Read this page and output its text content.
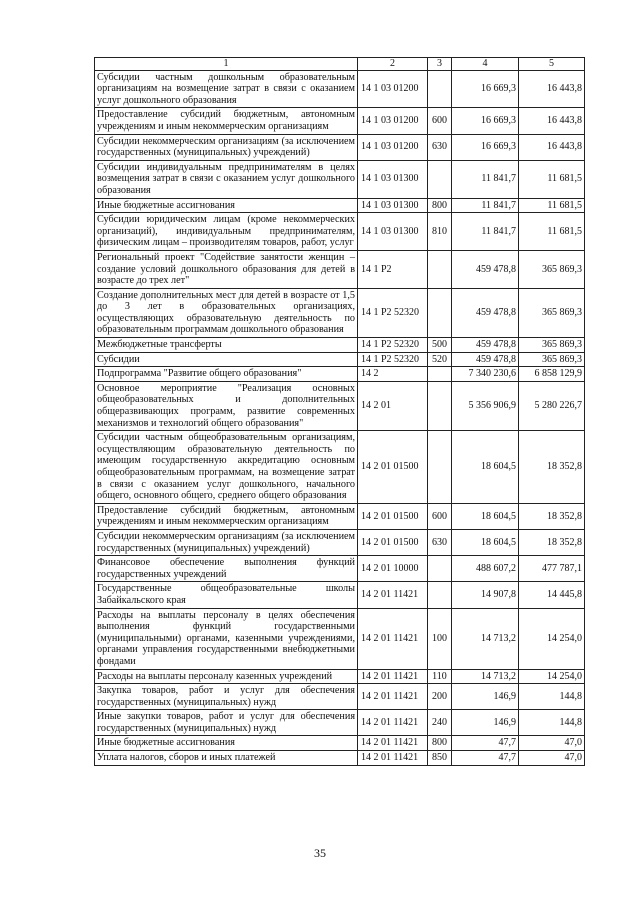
1	2	3	4	5
Субсидии частным дошкольным образовательным организациям на возмещение затрат в связи с оказанием услуг дошкольного образования	14 1 03 01200		16 669,3	16 443,8
Предоставление субсидий бюджетным, автономным учреждениям и иным некоммерческим организациям	14 1 03 01200	600	16 669,3	16 443,8
Субсидии некоммерческим организациям (за исключением государственных (муниципальных) учреждений)	14 1 03 01200	630	16 669,3	16 443,8
Субсидии индивидуальным предпринимателям в целях возмещения затрат в связи с оказанием услуг дошкольного образования	14 1 03 01300		11 841,7	11 681,5
Иные бюджетные ассигнования	14 1 03 01300	800	11 841,7	11 681,5
Субсидии юридическим лицам (кроме некоммерческих организаций), индивидуальным предпринимателям, физическим лицам – производителям товаров, работ, услуг	14 1 03 01300	810	11 841,7	11 681,5
Региональный проект "Содействие занятости женщин – создание условий дошкольного образования для детей в возрасте до трех лет"	14 1 P2		459 478,8	365 869,3
Создание дополнительных мест для детей в возрасте от 1,5 до 3 лет в образовательных организациях, осуществляющих образовательную деятельность по образовательным программам дошкольного образования	14 1 P2 52320		459 478,8	365 869,3
Межбюджетные трансферты	14 1 P2 52320	500	459 478,8	365 869,3
Субсидии	14 1 P2 52320	520	459 478,8	365 869,3
Подпрограмма "Развитие общего образования"	14 2		7 340 230,6	6 858 129,9
Основное мероприятие "Реализация основных общеобразовательных и дополнительных общеразвивающих программ, развитие современных механизмов и технологий общего образования"	14 2 01		5 356 906,9	5 280 226,7
Субсидии частным общеобразовательным организациям, осуществляющим образовательную деятельность по имеющим государственную аккредитацию основным общеобразовательным программам, на возмещение затрат в связи с оказанием услуг дошкольного, начального общего, основного общего, среднего общего образования	14 2 01 01500		18 604,5	18 352,8
Предоставление субсидий бюджетным, автономным учреждениям и иным некоммерческим организациям	14 2 01 01500	600	18 604,5	18 352,8
Субсидии некоммерческим организациям (за исключением государственных (муниципальных) учреждений)	14 2 01 01500	630	18 604,5	18 352,8
Финансовое обеспечение выполнения функций государственных учреждений	14 2 01 10000		488 607,2	477 787,1
Государственные общеобразовательные школы Забайкальского края	14 2 01 11421		14 907,8	14 445,8
Расходы на выплаты персоналу в целях обеспечения выполнения функций государственными (муниципальными) органами, казенными учреждениями, органами управления государственными внебюджетными фондами	14 2 01 11421	100	14 713,2	14 254,0
Расходы на выплаты персоналу казенных учреждений	14 2 01 11421	110	14 713,2	14 254,0
Закупка товаров, работ и услуг для обеспечения государственных (муниципальных) нужд	14 2 01 11421	200	146,9	144,8
Иные закупки товаров, работ и услуг для обеспечения государственных (муниципальных) нужд	14 2 01 11421	240	146,9	144,8
Иные бюджетные ассигнования	14 2 01 11421	800	47,7	47,0
Уплата налогов, сборов и иных платежей	14 2 01 11421	850	47,7	47,0
35
